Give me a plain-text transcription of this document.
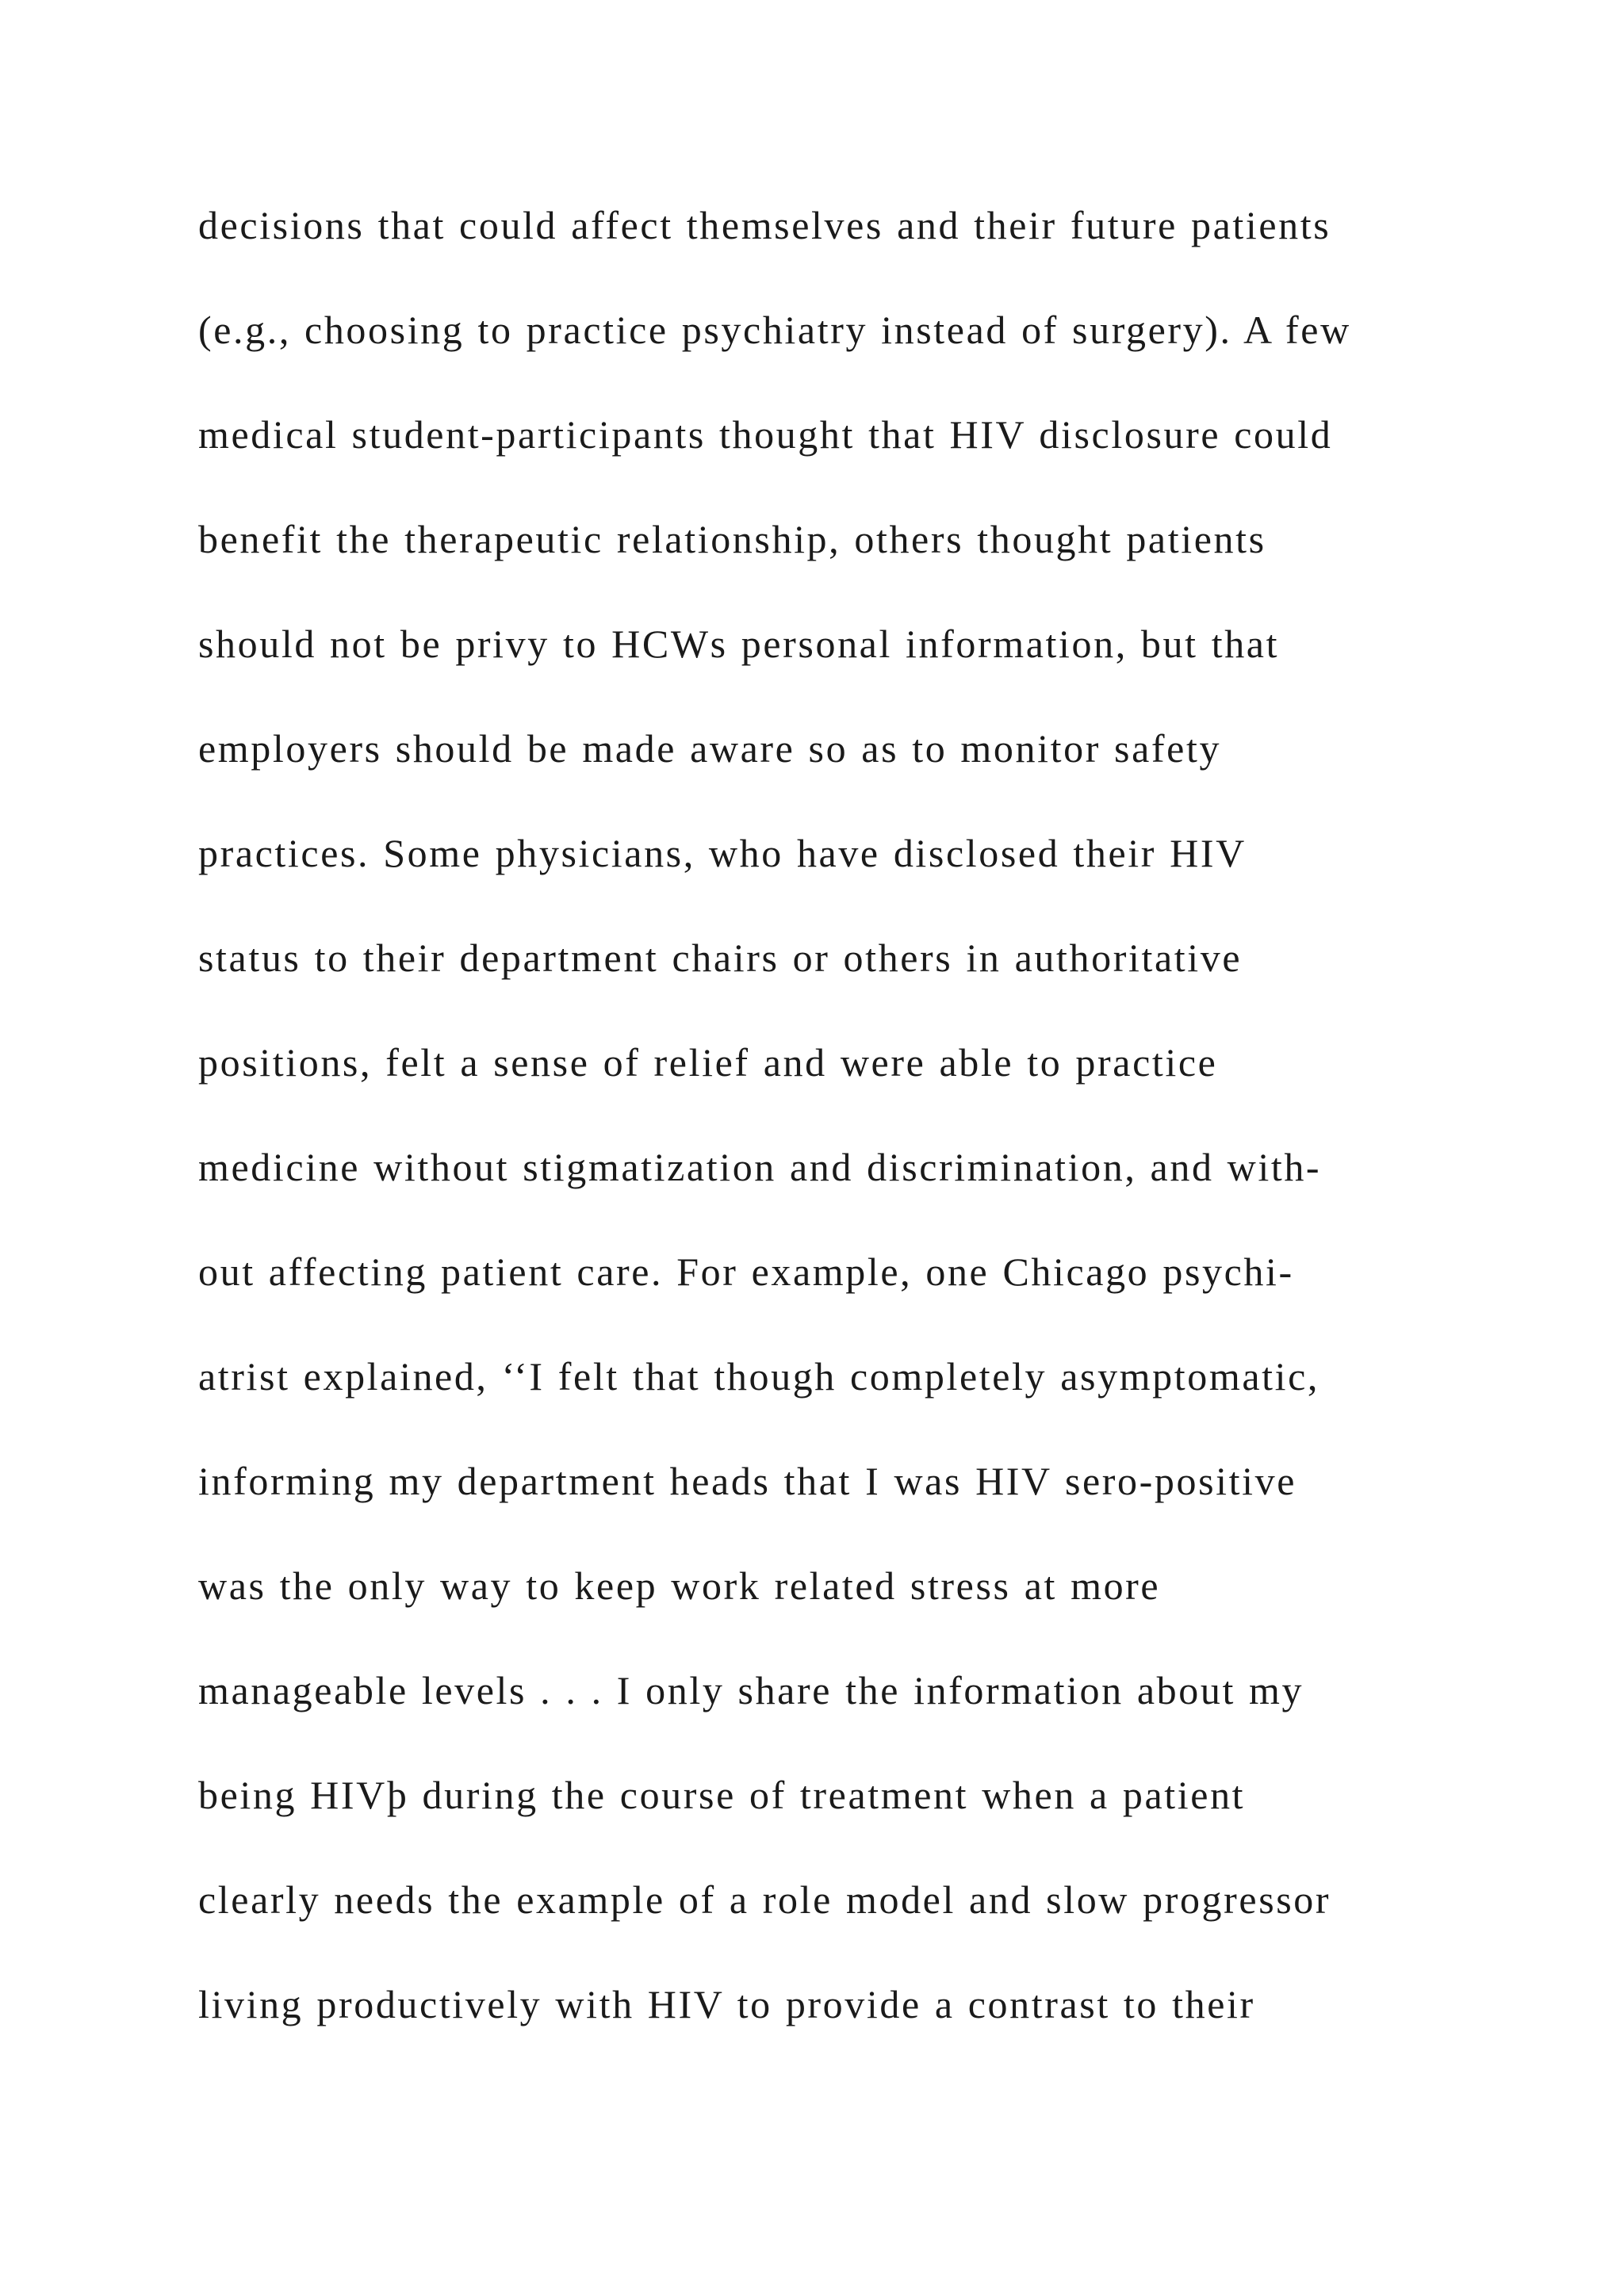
decisions that could affect themselves and their future patients
(e.g., choosing to practice psychiatry instead of surgery). A few
medical student-participants thought that HIV disclosure could
benefit the therapeutic relationship, others thought patients
should not be privy to HCWs personal information, but that
employers should be made aware so as to monitor safety
practices. Some physicians, who have disclosed their HIV
status to their department chairs or others in authoritative
positions, felt a sense of relief and were able to practice
medicine without stigmatization and discrimination, and with-
out affecting patient care. For example, one Chicago psychi-
atrist explained, ‘‘I felt that though completely asymptomatic,
informing my department heads that I was HIV sero-positive
was the only way to keep work related stress at more
manageable levels . . . I only share the information about my
being HIVþ during the course of treatment when a patient
clearly needs the example of a role model and slow progressor
living productively with HIV to provide a contrast to their
